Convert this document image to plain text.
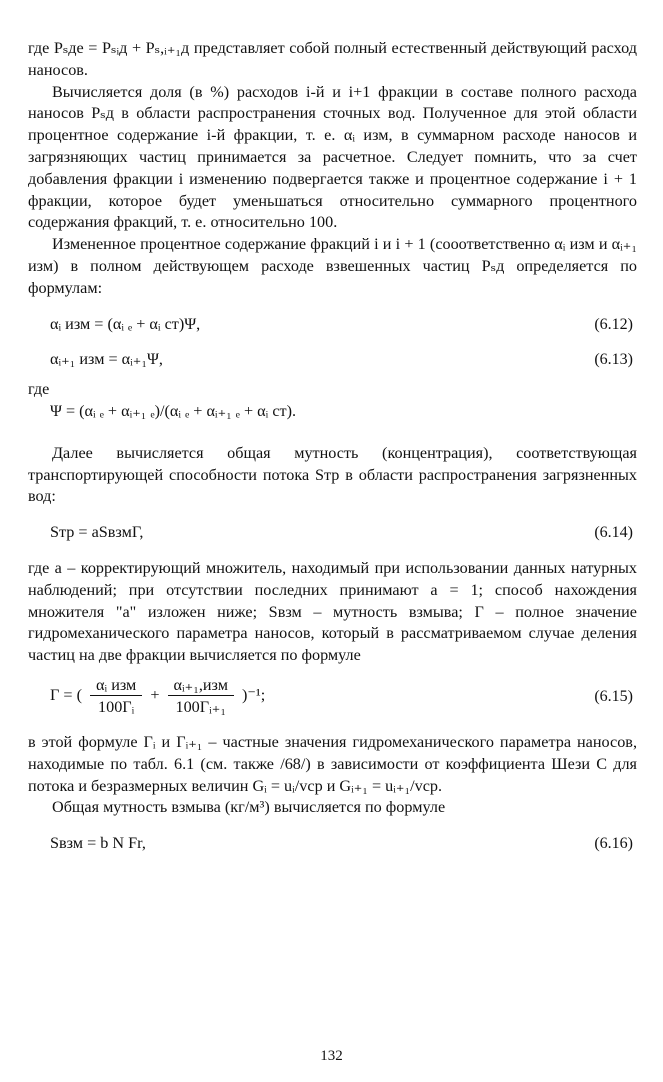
где Pₛде = Pₛᵢд + Pₛ,ᵢ₊₁д представляет собой полный естественный действующий расход наносов.

Вычисляется доля (в %) расходов i-й и i+1 фракции в составе полного расхода наносов Pₛд в области распространения сточных вод. Полученное для этой области процентное содержание i-й фракции, т. е. αᵢ изм, в суммарном расходе наносов и загрязняющих частиц принимается за расчетное. Следует помнить, что за счет добавления фракции i изменению подвергается также и процентное содержание i + 1 фракции, которое будет уменьшаться относительно суммарного процентного содержания фракций, т. е. относительно 100.

Измененное процентное содержание фракций i и i + 1 (сооответственно αᵢ изм и αᵢ₊₁ изм) в полном действующем расходе взвешенных частиц Pₛд определяется по формулам:

αᵢ изм = (αᵢ ₑ + αᵢ ст)Ψ,	(6.12)
αᵢ₊₁ изм = αᵢ₊₁Ψ,	(6.13)

где

Ψ = (αᵢ ₑ + αᵢ₊₁ ₑ)/(αᵢ ₑ + αᵢ₊₁ ₑ + αᵢ ст).

Далее вычисляется общая мутность (концентрация), соответствующая транспортирующей способности потока Sтр в области распространения загрязненных вод:

Sтр = aSвзмГ,	(6.14)

где a – корректирующий множитель, находимый при использовании данных натурных наблюдений; при отсутствии последних принимают a = 1; способ нахождения множителя "a" изложен ниже; Sвзм – мутность взмыва; Г – полное значение гидромеханического параметра наносов, который в рассматриваемом случае деления частиц на две фракции вычисляется по формуле

Г = ( $\frac{\text{αᵢ изм}}{\text{100Гᵢ}} + \frac{\text{αᵢ₊₁,изм}}{\text{100Гᵢ₊₁}} )^{-1}$;	(6.15)

в этой формуле Гᵢ и Гᵢ₊₁ – частные значения гидромеханического параметра наносов, находимые по табл. 6.1 (см. также /68/) в зависимости от коэффициента Шези C для потока и безразмерных величин Gᵢ = uᵢ/vср и Gᵢ₊₁ = uᵢ₊₁/vср.

Общая мутность взмыва (кг/м³) вычисляется по формуле

Sвзм = b N Fr,	(6.16)
132
